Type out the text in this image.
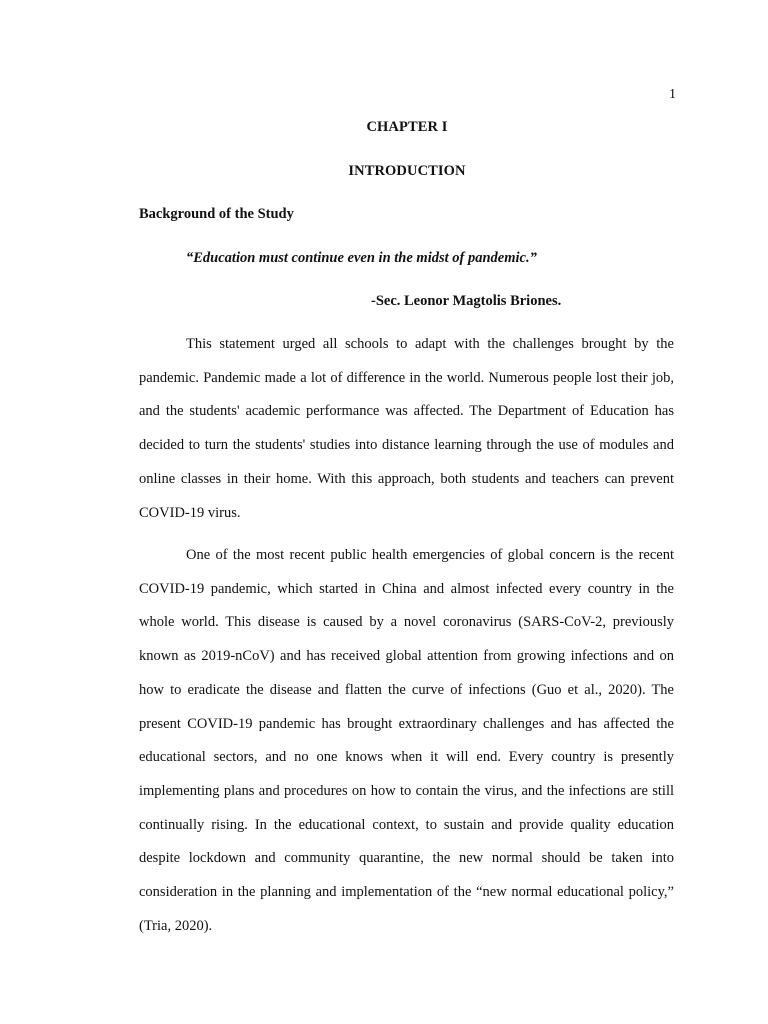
1
CHAPTER I
INTRODUCTION
Background of the Study
“Education must continue even in the midst of pandemic.”
-Sec. Leonor Magtolis Briones.

This statement urged all schools to adapt with the challenges brought by the pandemic. Pandemic made a lot of difference in the world. Numerous people lost their job, and the students' academic performance was affected. The Department of Education has decided to turn the students' studies into distance learning through the use of modules and online classes in their home. With this approach, both students and teachers can prevent COVID-19 virus.

One of the most recent public health emergencies of global concern is the recent COVID-19 pandemic, which started in China and almost infected every country in the whole world. This disease is caused by a novel coronavirus (SARS-CoV-2, previously known as 2019-nCoV) and has received global attention from growing infections and on how to eradicate the disease and flatten the curve of infections (Guo et al., 2020). The present COVID-19 pandemic has brought extraordinary challenges and has affected the educational sectors, and no one knows when it will end. Every country is presently implementing plans and procedures on how to contain the virus, and the infections are still continually rising. In the educational context, to sustain and provide quality education despite lockdown and community quarantine, the new normal should be taken into consideration in the planning and implementation of the “new normal educational policy,” (Tria, 2020).
